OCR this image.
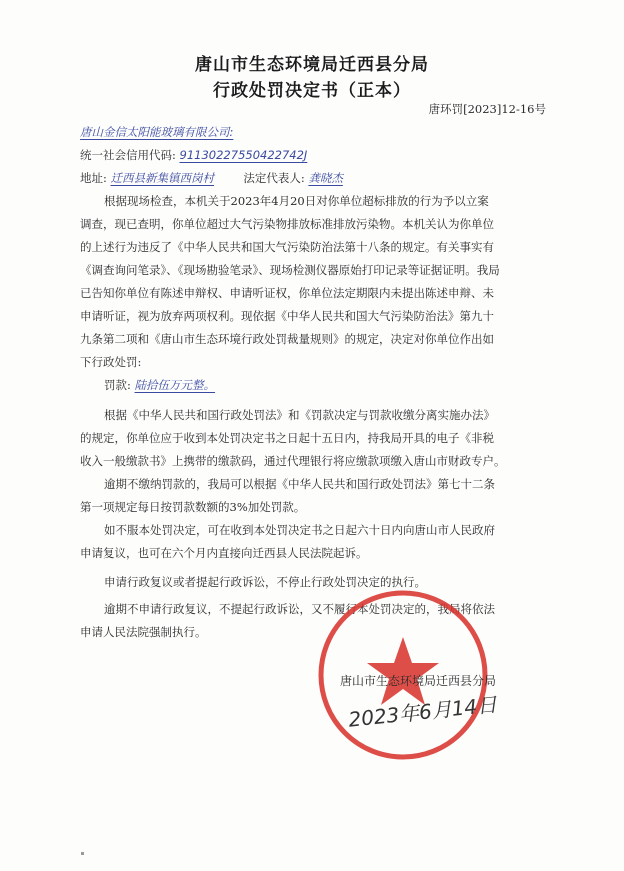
唐山市生态环境局迁西县分局
行政处罚决定书（正本）
唐环罚[2023]12-16号
唐山金信太阳能玻璃有限公司:
统一社会信用代码: 91130227550422742J
地址: 迁西县新集镇西岗村	法定代表人: 龚晓杰
根据现场检查，本机关于2023年4月20日对你单位超标排放的行为予以立案
调查，现已查明，你单位超过大气污染物排放标准排放污染物。本机关认为你单位
的上述行为违反了《中华人民共和国大气污染防治法第十八条的规定。有关事实有
《调查询问笔录》、《现场勘验笔录》、现场检测仪器原始打印记录等证据证明。我局
已告知你单位有陈述申辩权、申请听证权，你单位法定期限内未提出陈述申辩、未
申请听证，视为放弃两项权利。现依据《中华人民共和国大气污染防治法》第九十
九条第二项和《唐山市生态环境行政处罚裁量规则》的规定，决定对你单位作出如
下行政处罚:
罚款: 陆拾伍万元整。
根据《中华人民共和国行政处罚法》和《罚款决定与罚款收缴分离实施办法》
的规定，你单位应于收到本处罚决定书之日起十五日内，持我局开具的电子《非税
收入一般缴款书》上携带的缴款码，通过代理银行将应缴款项缴入唐山市财政专户。
逾期不缴纳罚款的，我局可以根据《中华人民共和国行政处罚法》第七十二条
第一项规定每日按罚款数额的3%加处罚款。
如不服本处罚决定，可在收到本处罚决定书之日起六十日内向唐山市人民政府
申请复议，也可在六个月内直接向迁西县人民法院起诉。
申请行政复议或者提起行政诉讼，不停止行政处罚决定的执行。
逾期不申请行政复议，不提起行政诉讼，又不履行本处罚决定的，我局将依法
申请人民法院强制执行。
唐山市生态环境局迁西县分局
2023年6月14日
